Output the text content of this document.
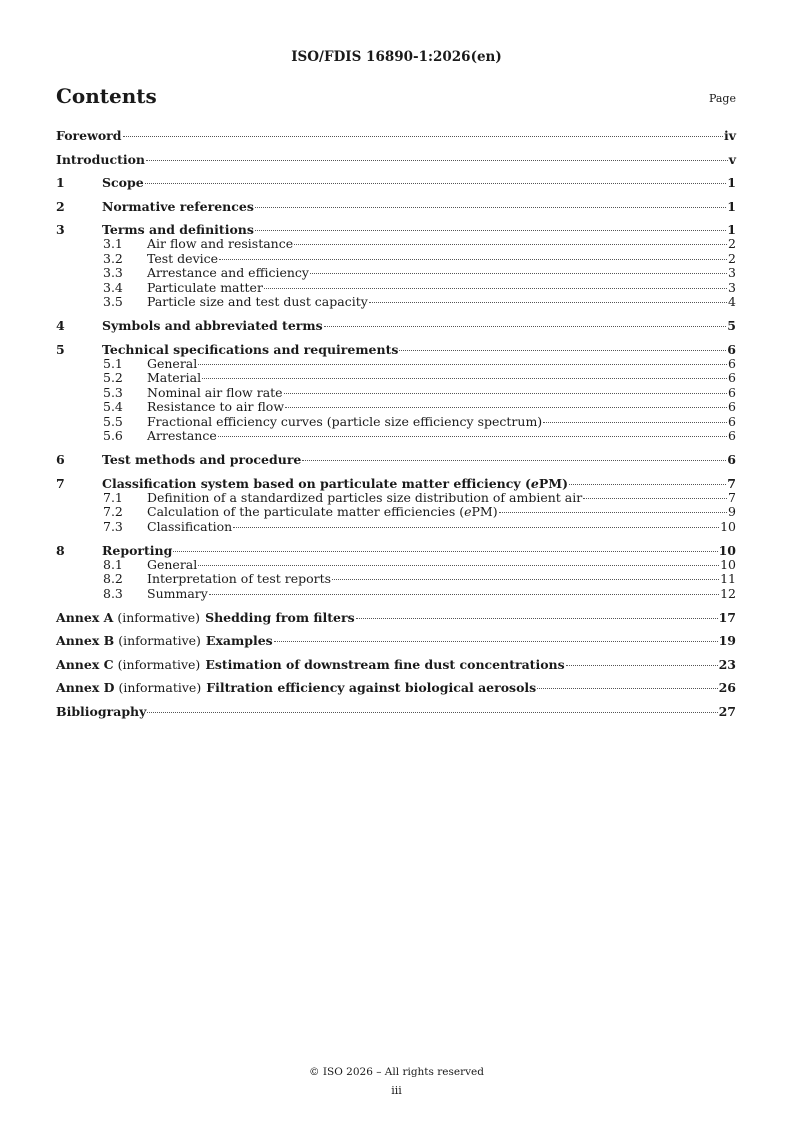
ISO/FDIS 16890-1:2026(en)
Contents	Page
Foreword	iv
Introduction	v
1	Scope	1
2	Normative references	1
3	Terms and definitions	1
3.1	Air flow and resistance	2
3.2	Test device	2
3.3	Arrestance and efficiency	3
3.4	Particulate matter	3
3.5	Particle size and test dust capacity	4
4	Symbols and abbreviated terms	5
5	Technical specifications and requirements	6
5.1	General	6
5.2	Material	6
5.3	Nominal air flow rate	6
5.4	Resistance to air flow	6
5.5	Fractional efficiency curves (particle size efficiency spectrum)	6
5.6	Arrestance	6
6	Test methods and procedure	6
7	Classification system based on particulate matter efficiency (ePM)	7
7.1	Definition of a standardized particles size distribution of ambient air	7
7.2	Calculation of the particulate matter efficiencies (ePM)	9
7.3	Classification	10
8	Reporting	10
8.1	General	10
8.2	Interpretation of test reports	11
8.3	Summary	12
Annex A (informative) Shedding from filters	17
Annex B (informative) Examples	19
Annex C (informative) Estimation of downstream fine dust concentrations	23
Annex D (informative) Filtration efficiency against biological aerosols	26
Bibliography	27
© ISO 2026 – All rights reserved
iii
